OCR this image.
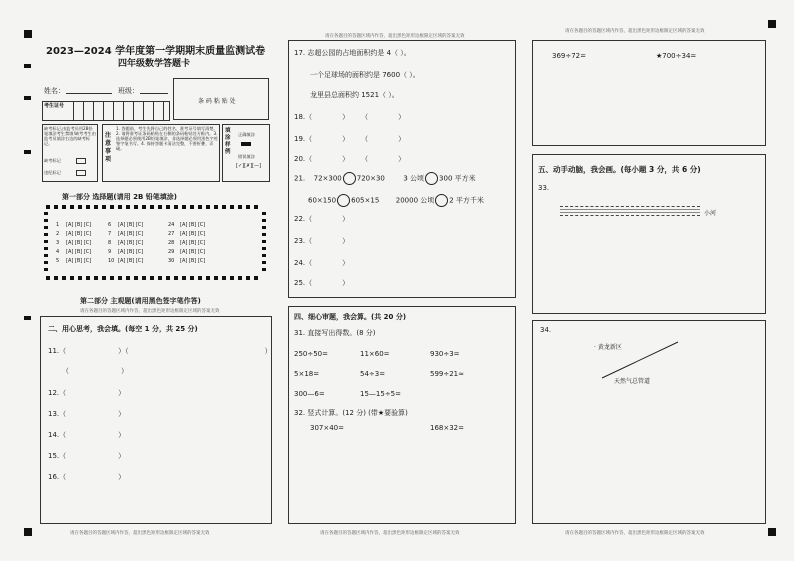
请在各题目的答题区域内作答，超出黑色矩形边框限定区域的答案无效
请在各题目的答题区域内作答，超出黑色矩形边框限定区域的答案无效
2023—2024 学年度第一学期期末质量监测试卷
四年级数学答题卡
姓名：	班级：
考生证号
条 码 粘 贴 处
缺考标记,由监考员用2B铅笔填涂考生禁填!缺考考生由监考员填涂右边的缺考标记。
缺考标记
违纪标记
注意事项
1. 答题前，考生先将自己的姓名、准考证号填写清楚。2. 请将准考证条码粘贴在右侧的条码粘贴处方框内。3. 选择题必须使用2B铅笔填涂，非选择题必须用黑色字迹签字笔书写。4. 保持答题卡清洁完整，不要折叠、弄破。
填涂样例
正确填涂
错误填涂
[✓][✗][—]
第一部分 选择题(请用 2B 铅笔填涂)
1 [A] [B] [C]	6 [A] [B] [C]	24 [A] [B] [C]
2 [A] [B] [C]	7 [A] [B] [C]	27 [A] [B] [C]
3 [A] [B] [C]	8 [A] [B] [C]	28 [A] [B] [C]
4 [A] [B] [C]	9 [A] [B] [C]	29 [A] [B] [C]
5 [A] [B] [C]	10 [A] [B] [C]	30 [A] [B] [C]
第二部分 主观题(请用黑色签字笔作答)
请在各题目的答题区域内作答，超出黑色矩形边框限定区域的答案无效
二、用心思考，我会填。(每空 1 分，共 25 分)
11.（	）（	）
（	）
12.（	）
13.（	）
14.（	）
15.（	）
16.（	）
请在各题目的答题区域内作答，超出黑色矩形边框限定区域的答案无效
17. 志超公园的占地面积约是 4（ ）。
一个足球场的面积约是 7600（ ）。
龙里县总面积约 1521（ ）。
18.（	） （	）
19.（	） （	）
20.（	） （	）
21. 72×300 720×30	3 公顷 300 平方米
60×150 605×15 20000 公顷 2 平方千米
22.（	）
23.（	）
24.（	）
25.（	）
四、细心审题，我会算。(共 20 分)
31. 直接写出得数。(8 分)
250÷50=	11×60=	930÷3=
5×18=	54÷3=	599÷21≈
300—6=	15—15÷5=
32. 竖式计算。(12 分) (带★要验算)
307×40=	168×32=
请在各题目的答题区域内作答，超出黑色矩形边框限定区域的答案无效
369÷72=	★700÷34=
五、动手动脑，我会画。(每小题 3 分，共 6 分)
33.
小河
34.
· 黄龙新区
天然气总管道
请在各题目的答题区域内作答，超出黑色矩形边框限定区域的答案无效
